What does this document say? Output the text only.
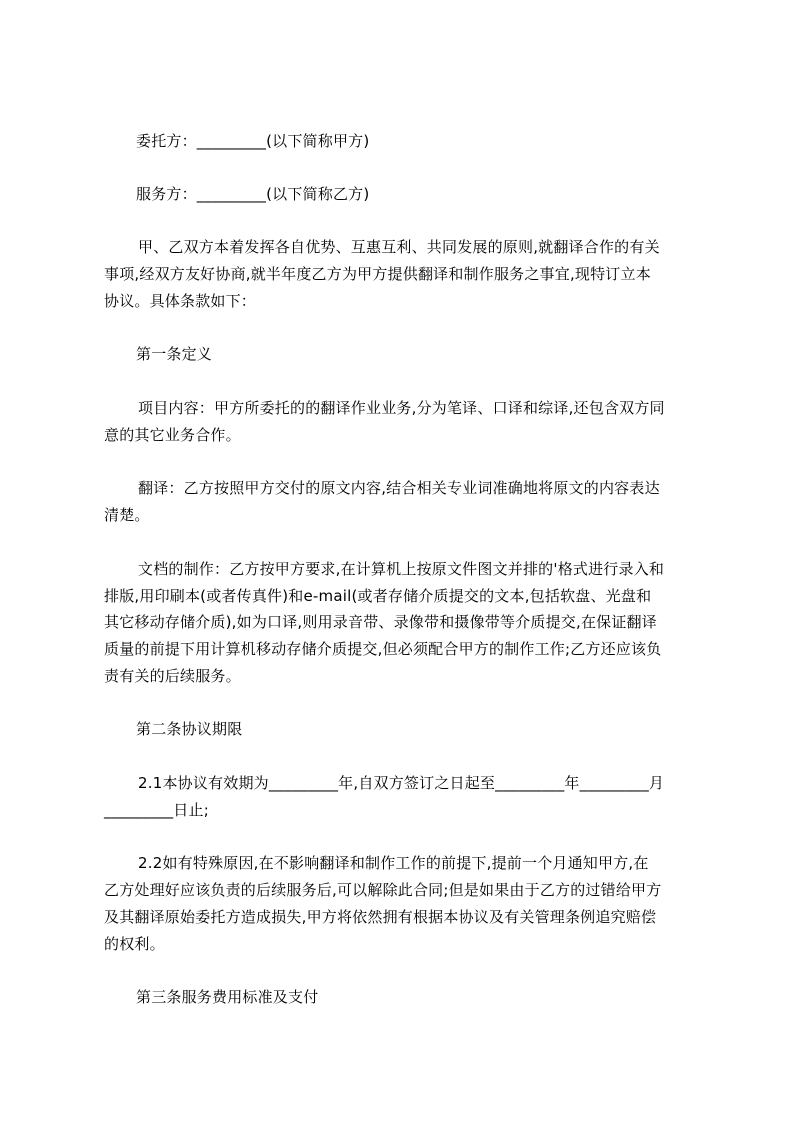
委托方：_________(以下简称甲方)
服务方：_________(以下简称乙方)
甲、乙双方本着发挥各自优势、互惠互利、共同发展的原则,就翻译合作的有关
事项,经双方友好协商,就半年度乙方为甲方提供翻译和制作服务之事宜,现特订立本
协议。具体条款如下：
第一条定义
项目内容：甲方所委托的的翻译作业业务,分为笔译、口译和综译,还包含双方同
意的其它业务合作。
翻译：乙方按照甲方交付的原文内容,结合相关专业词准确地将原文的内容表达
清楚。
文档的制作：乙方按甲方要求,在计算机上按原文件图文并排的'格式进行录入和
排版,用印刷本(或者传真件)和e-mail(或者存储介质提交的文本,包括软盘、光盘和
其它移动存储介质),如为口译,则用录音带、录像带和摄像带等介质提交,在保证翻译
质量的前提下用计算机移动存储介质提交,但必须配合甲方的制作工作;乙方还应该负
责有关的后续服务。
第二条协议期限
2.1本协议有效期为_________年,自双方签订之日起至_________年_________月
_________日止;
2.2如有特殊原因,在不影响翻译和制作工作的前提下,提前一个月通知甲方,在
乙方处理好应该负责的后续服务后,可以解除此合同;但是如果由于乙方的过错给甲方
及其翻译原始委托方造成损失,甲方将依然拥有根据本协议及有关管理条例追究赔偿
的权利。
第三条服务费用标准及支付
